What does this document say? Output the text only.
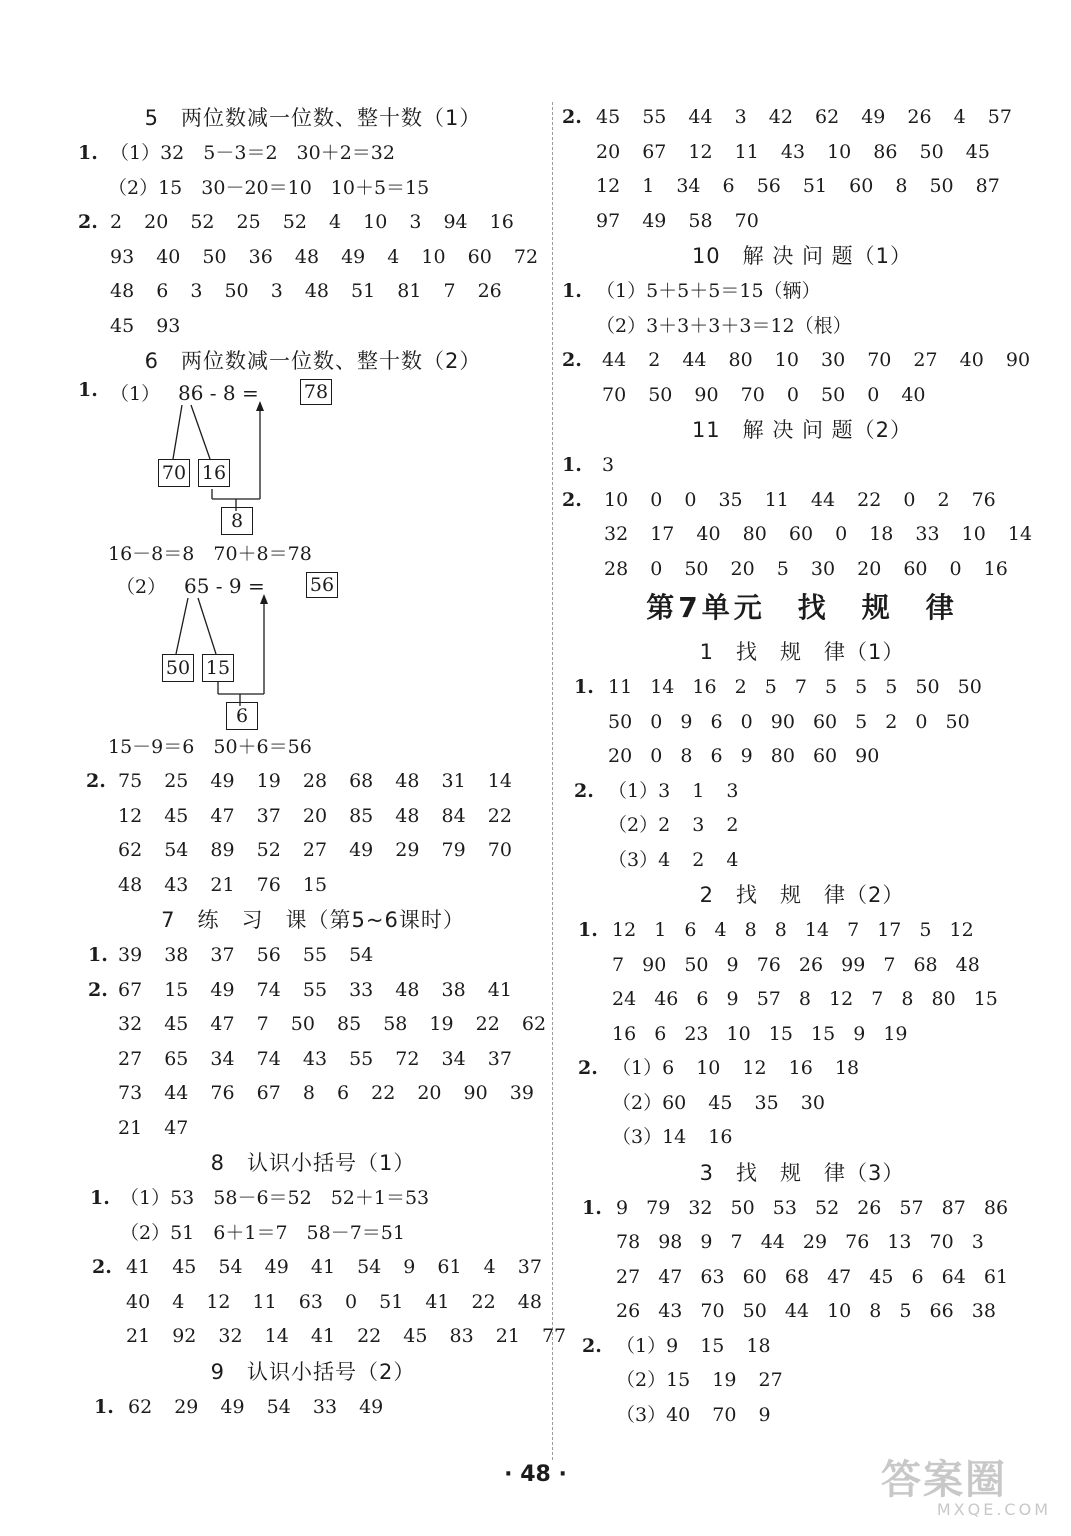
5　两位数减一位数、整十数（1）
1. （1）32　5－3＝2　30＋2＝32
（2）15　30－20＝10　10＋5＝15
2. 2 20 52 25 52 4 10 3 94 16
93 40 50 36 48 49 4 10 60 72
48 6 3 50 3 48 51 81 7 26
45 93
6　两位数减一位数、整十数（2）
1. （1） 86 - 8 = 78
70 16
8
16－8＝8　70＋8＝78
（2） 65 - 9 = 56
50 15
6
15－9＝6　50＋6＝56
2. 75 25 49 19 28 68 48 31 14
12 45 47 37 20 85 48 84 22
62 54 89 52 27 49 29 79 70
48 43 21 76 15
7　练　习　课（第5~6课时）
1. 39 38 37 56 55 54
2. 67 15 49 74 55 33 48 38 41
32 45 47 7 50 85 58 19 22 62
27 65 34 74 43 55 72 34 37
73 44 76 67 8 6 22 20 90 39
21 47
8　认识小括号（1）
1. （1）53　58－6＝52　52＋1＝53
（2）51　6＋1＝7　58－7＝51
2. 41 45 54 49 41 54 9 61 4 37
40 4 12 11 63 0 51 41 22 48
21 92 32 14 41 22 45 83 21 77
9　认识小括号（2）
1. 62 29 49 54 33 49
2. 45 55 44 3 42 62 49 26 4 57
20 67 12 11 43 10 86 50 45
12 1 34 6 56 51 60 8 50 87
97 49 58 70
10　解 决 问 题（1）
1. （1）5＋5＋5＝15（辆）
（2）3＋3＋3＋3＝12（根）
2. 44 2 44 80 10 30 70 27 40 90
70 50 90 70 0 50 0 40
11　解 决 问 题（2）
1. 3
2. 10 0 0 35 11 44 22 0 2 76
32 17 40 80 60 0 18 33 10 14
28 0 50 20 5 30 20 60 0 16
第7单元　找　规　律
1　找　规　律（1）
1. 11 14 16 2 5 7 5 5 5 50 50
50 0 9 6 0 90 60 5 2 0 50
20 0 8 6 9 80 60 90
2. （1）3 1 3
（2）2 3 2
（3）4 2 4
2　找　规　律（2）
1. 12 1 6 4 8 8 14 7 17 5 12
7 90 50 9 76 26 99 7 68 48
24 46 6 9 57 8 12 7 8 80 15
16 6 23 10 15 15 9 19
2. （1）6 10 12 16 18
（2）60 45 35 30
（3）14 16
3　找　规　律（3）
1. 9 79 32 50 53 52 26 57 87 86
78 98 9 7 44 29 76 13 70 3
27 47 63 60 68 47 45 6 64 61
26 43 70 50 44 10 8 5 66 38
2. （1）9 15 18
（2）15 19 27
（3）40 70 9
· 48 ·	答案圈
MXQE.COM
